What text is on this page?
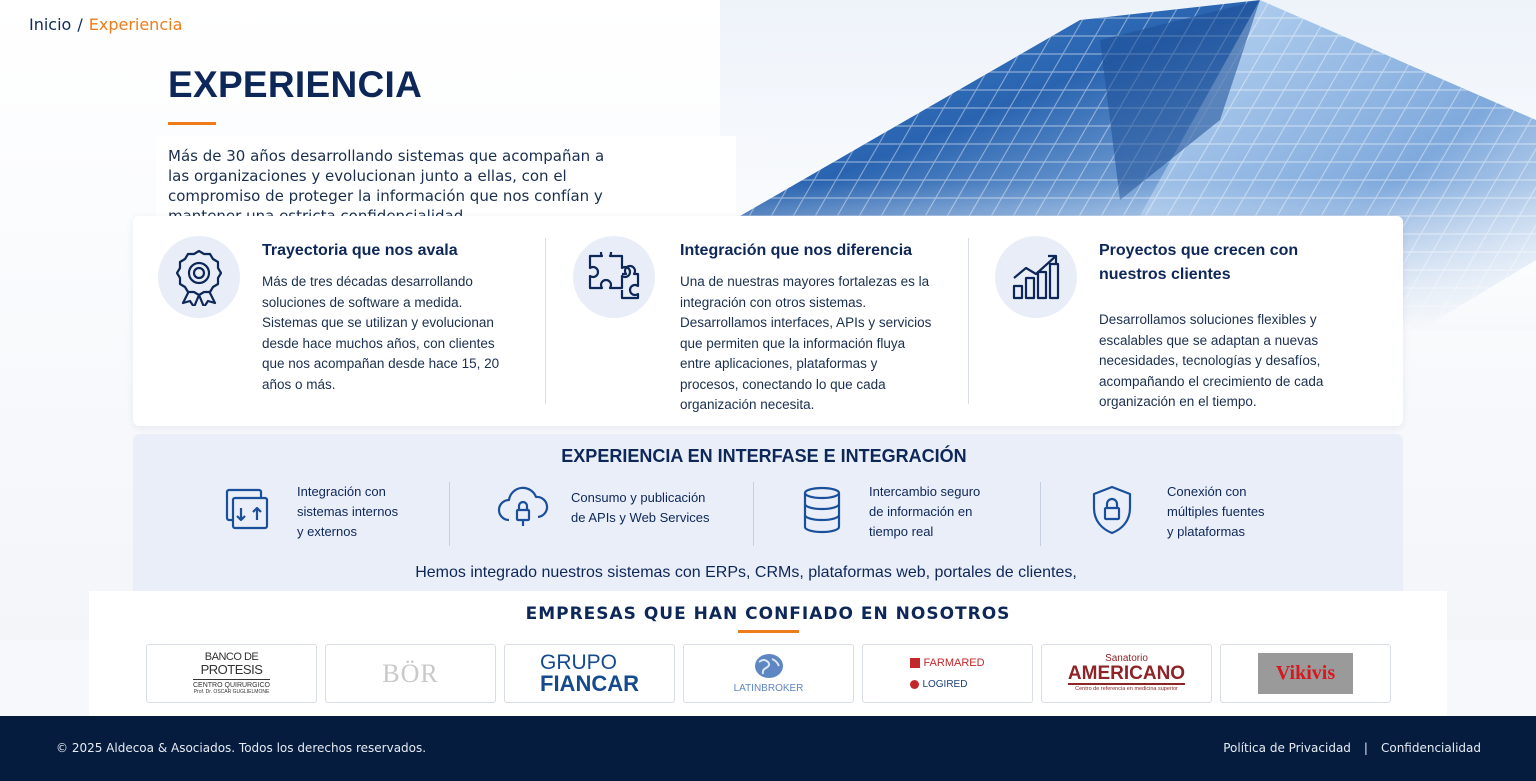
Inicio / Experiencia
EXPERIENCIA

Más de 30 años desarrollando sistemas que acompañan a las organizaciones y evolucionan junto a ellas, con el compromiso de proteger la información que nos confían y

Trayectoria que nos avala
Más de tres décadas desarrollando soluciones de software a medida. Sistemas que se utilizan y evolucionan desde hace muchos años, con clientes que nos acompañan desde hace 15, 20 años o más.
Integración que nos diferencia
Una de nuestras mayores fortalezas es la integración con otros sistemas. Desarrollamos interfaces, APIs y servicios que permiten que la información fluya entre aplicaciones, plataformas y procesos, conectando lo que cada organización necesita.
Proyectos que crecen con nuestros clientes
Desarrollamos soluciones flexibles y escalables que se adaptan a nuevas necesidades, tecnologías y desafíos, acompañando el crecimiento de cada organización en el tiempo.
EXPERIENCIA EN INTERFASE E INTEGRACIÓN
Integración con
sistemas internos
y externos
Consumo y publicación
de APIs y Web Services
Intercambio seguro
de información en
tiempo real
Conexión con
múltiples fuentes
y plataformas

Hemos integrado nuestros sistemas con ERPs, CRMs, plataformas web, portales de clientes,

EMPRESAS QUE HAN CONFIADO EN NOSOTROS
BANCO DE
PROTESIS
CENTRO QUIRURGICO
Prof. Dr. OSCAR GUGLIELMONE
BÖR	GRUPO
FIANCAR	LATINBROKER
FARMARED
LOGIRED
Sanatorio
AMERICANO
Centro de referencia en medicina superior
Vikivis
© 2025 Aldecoa & Asociados. Todos los derechos reservados.	Política de Privacidad | Confidencialidad
